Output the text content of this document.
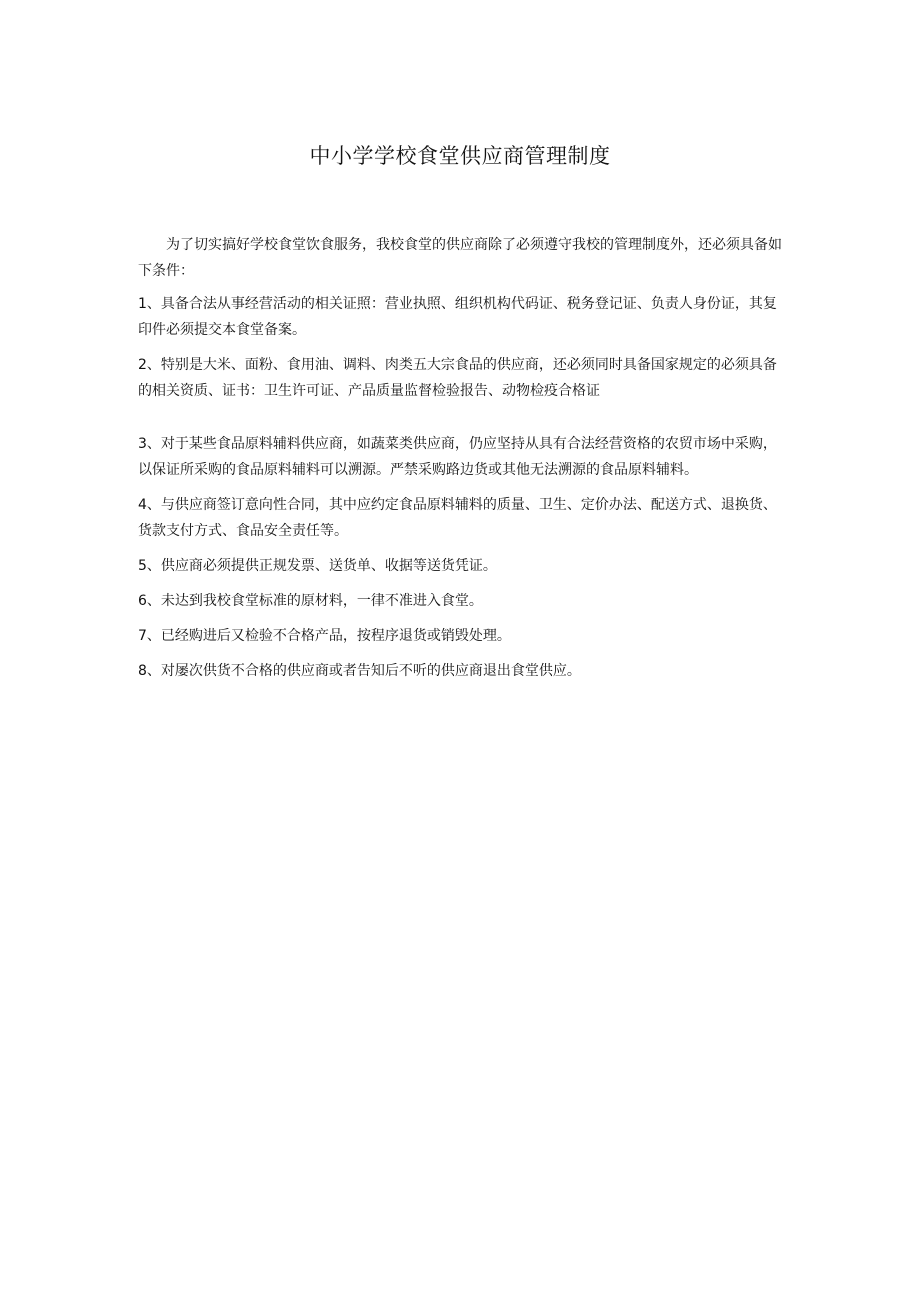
中小学学校食堂供应商管理制度

为了切实搞好学校食堂饮食服务，我校食堂的供应商除了必须遵守我校的管理制度外，还必须具备如下条件：

1、具备合法从事经营活动的相关证照：营业执照、组织机构代码证、税务登记证、负责人身份证，其复印件必须提交本食堂备案。

2、特别是大米、面粉、食用油、调料、肉类五大宗食品的供应商，还必须同时具备国家规定的必须具备的相关资质、证书：卫生许可证、产品质量监督检验报告、动物检疫合格证

3、对于某些食品原料辅料供应商，如蔬菜类供应商，仍应坚持从具有合法经营资格的农贸市场中采购，以保证所采购的食品原料辅料可以溯源。严禁采购路边货或其他无法溯源的食品原料辅料。

4、与供应商签订意向性合同，其中应约定食品原料辅料的质量、卫生、定价办法、配送方式、退换货、货款支付方式、食品安全责任等。

5、供应商必须提供正规发票、送货单、收据等送货凭证。

6、未达到我校食堂标准的原材料，一律不准进入食堂。

7、已经购进后又检验不合格产品，按程序退货或销毁处理。

8、对屡次供货不合格的供应商或者告知后不听的供应商退出食堂供应。
